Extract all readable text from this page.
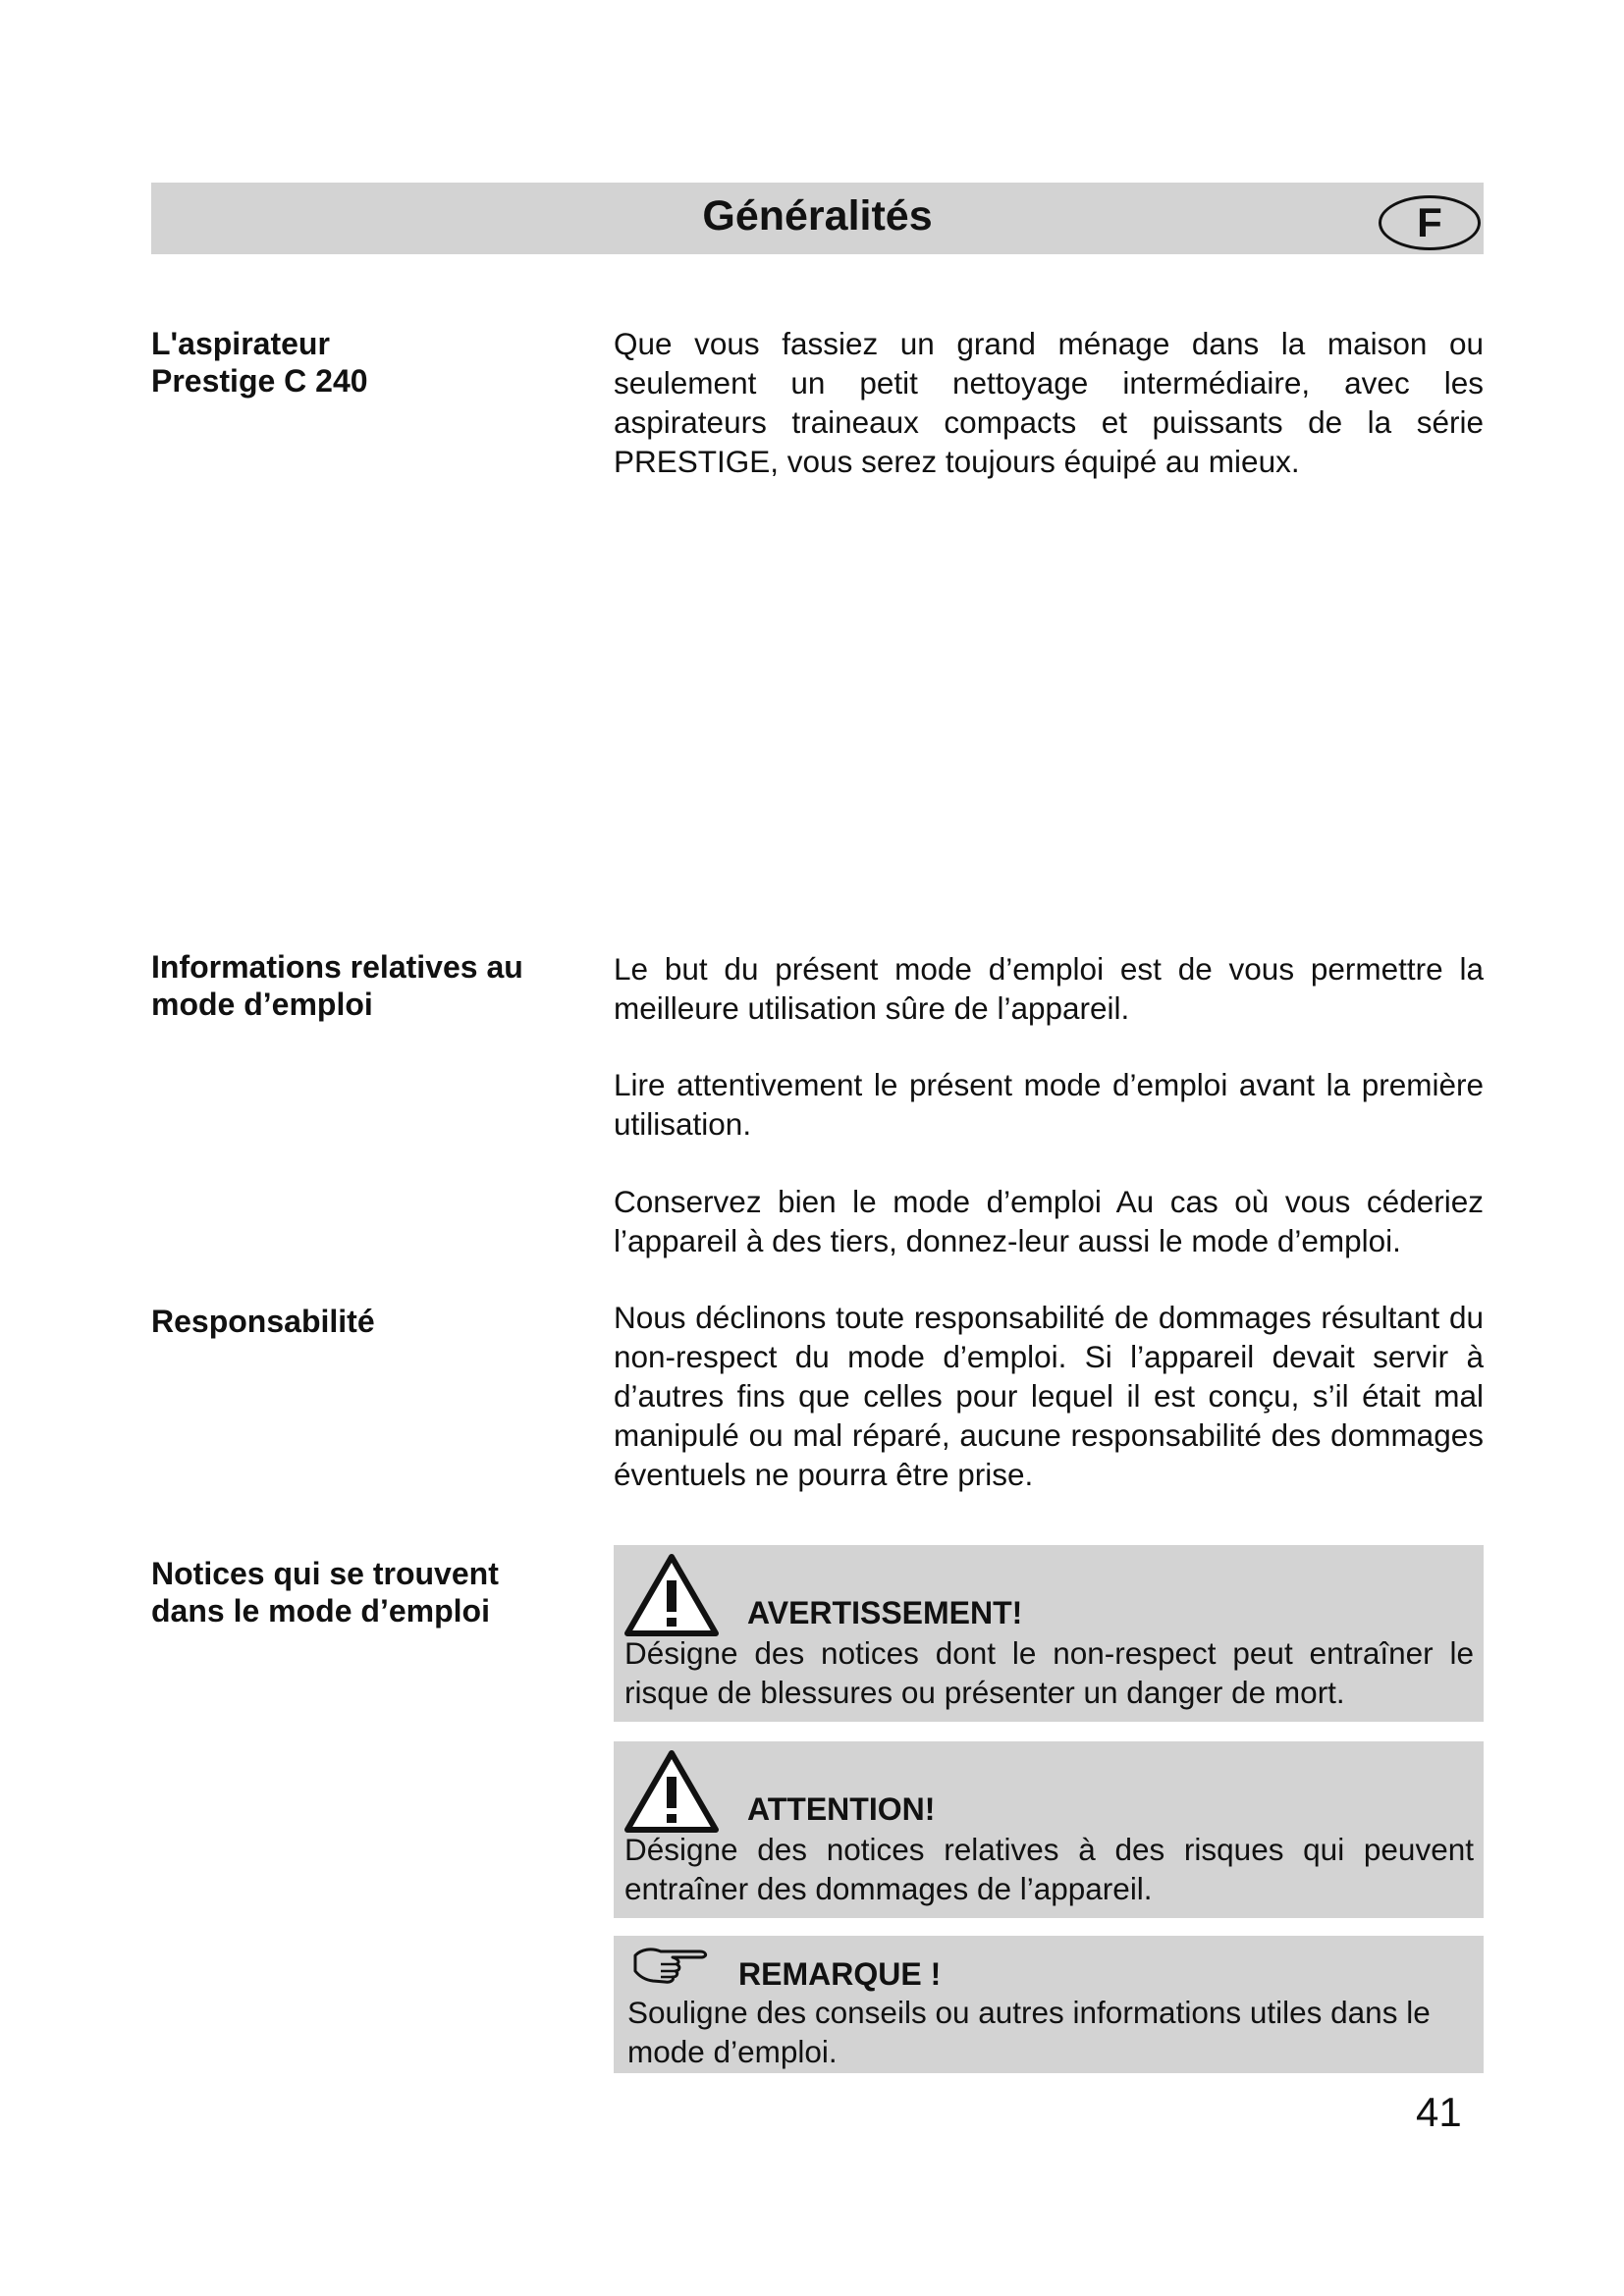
Généralités	F
L'aspirateur
Prestige C 240
Que vous fassiez un grand ménage dans la maison ou seulement un petit nettoyage intermédiaire, avec les aspirateurs traineaux compacts et puissants de la série PRESTIGE, vous serez toujours équipé au mieux.
Informations relatives au mode d’emploi
Le but du présent mode d’emploi est de vous permettre la meilleure utilisation sûre de l’appareil.
Lire attentivement le présent mode d’emploi avant la première utilisation.
Conservez bien le mode d’emploi Au cas où vous céderiez l’appareil à des tiers, donnez-leur aussi le mode d’emploi.
Responsabilité	Nous déclinons toute responsabilité de dommages résultant du non-respect du mode d’emploi. Si l’appareil devait servir à d’autres fins que celles pour lequel il est conçu, s’il était mal manipulé ou mal réparé, aucune responsabilité des dommages éventuels ne pourra être prise.
Notices qui se trouvent dans le mode d’emploi	AVERTISSEMENT!
Désigne des notices dont le non-respect peut entraîner le risque de blessures ou présenter un danger de mort.
ATTENTION!
Désigne des notices relatives à des risques qui peuvent entraîner des dommages de l’appareil.
REMARQUE !
Souligne des conseils ou autres informations utiles dans le mode d’emploi.
41
